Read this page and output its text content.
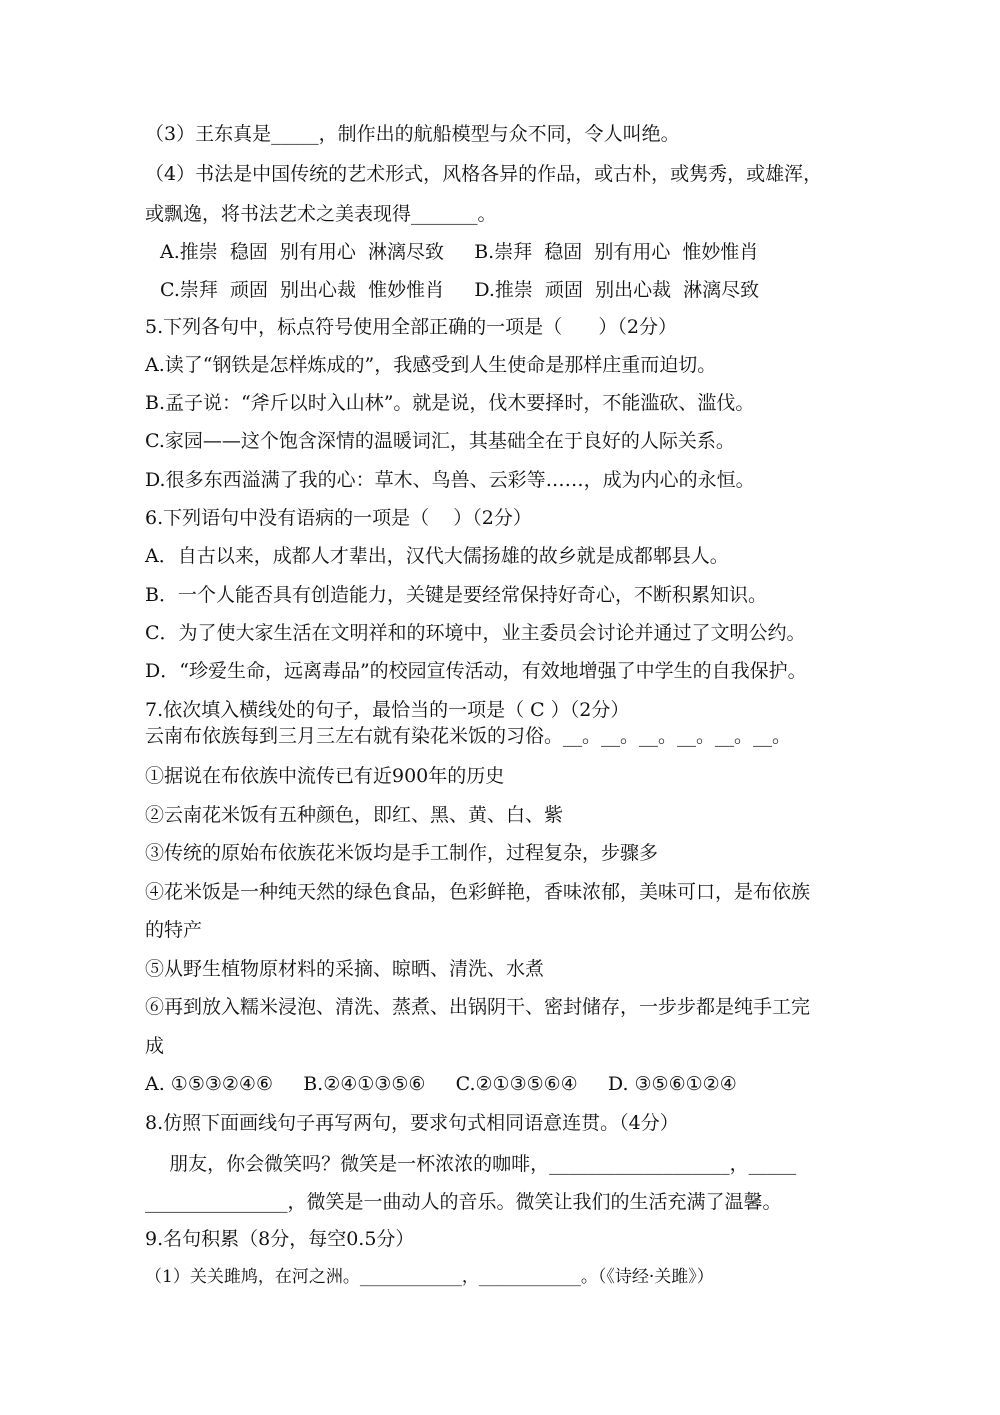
（3）王东真是_____，制作出的航船模型与众不同，令人叫绝。
（4）书法是中国传统的艺术形式，风格各异的作品，或古朴，或隽秀，或雄浑，
或飘逸，将书法艺术之美表现得_______。
A.推崇  稳固  别有用心  淋漓尽致     B.崇拜  稳固  别有用心  惟妙惟肖
C.崇拜  顽固  别出心裁  惟妙惟肖     D.推崇  顽固  别出心裁  淋漓尽致
5.下列各句中，标点符号使用全部正确的一项是（      ）（2分）
A.读了“钢铁是怎样炼成的”，我感受到人生使命是那样庄重而迫切。
B.孟子说：“斧斤以时入山林”。就是说，伐木要择时，不能滥砍、滥伐。
C.家园——这个饱含深情的温暖词汇，其基础全在于良好的人际关系。
D.很多东西溢满了我的心：草木、鸟兽、云彩等……，成为内心的永恒。
6.下列语句中没有语病的一项是（    ）（2分）
A．自古以来，成都人才辈出，汉代大儒扬雄的故乡就是成都郫县人。
B．一个人能否具有创造能力，关键是要经常保持好奇心，不断积累知识。
C．为了使大家生活在文明祥和的环境中，业主委员会讨论并通过了文明公约。
D．“珍爱生命，远离毒品”的校园宣传活动，有效地增强了中学生的自我保护。
7.依次填入横线处的句子，最恰当的一项是（ C ）（2分）
云南布依族每到三月三左右就有染花米饭的习俗。__。__。__。__。__。__。
①据说在布依族中流传已有近900年的历史
②云南花米饭有五种颜色，即红、黑、黄、白、紫
③传统的原始布依族花米饭均是手工制作，过程复杂，步骤多
④花米饭是一种纯天然的绿色食品，色彩鲜艳，香味浓郁，美味可口，是布依族
的特产
⑤从野生植物原材料的采摘、晾晒、清洗、水煮
⑥再到放入糯米浸泡、清洗、蒸煮、出锅阴干、密封储存，一步步都是纯手工完
成
A. ①⑤③②④⑥     B.②④①③⑤⑥     C.②①③⑤⑥④     D. ③⑤⑥①②④
8.仿照下面画线句子再写两句，要求句式相同语意连贯。（4分）
朋友，你会微笑吗？微笑是一杯浓浓的咖啡，___________________，_____
_______________，微笑是一曲动人的音乐。微笑让我们的生活充满了温馨。
9.名句积累（8分，每空0.5分）
（1）关关雎鸠，在河之洲。____________，____________。（《诗经·关雎》）
